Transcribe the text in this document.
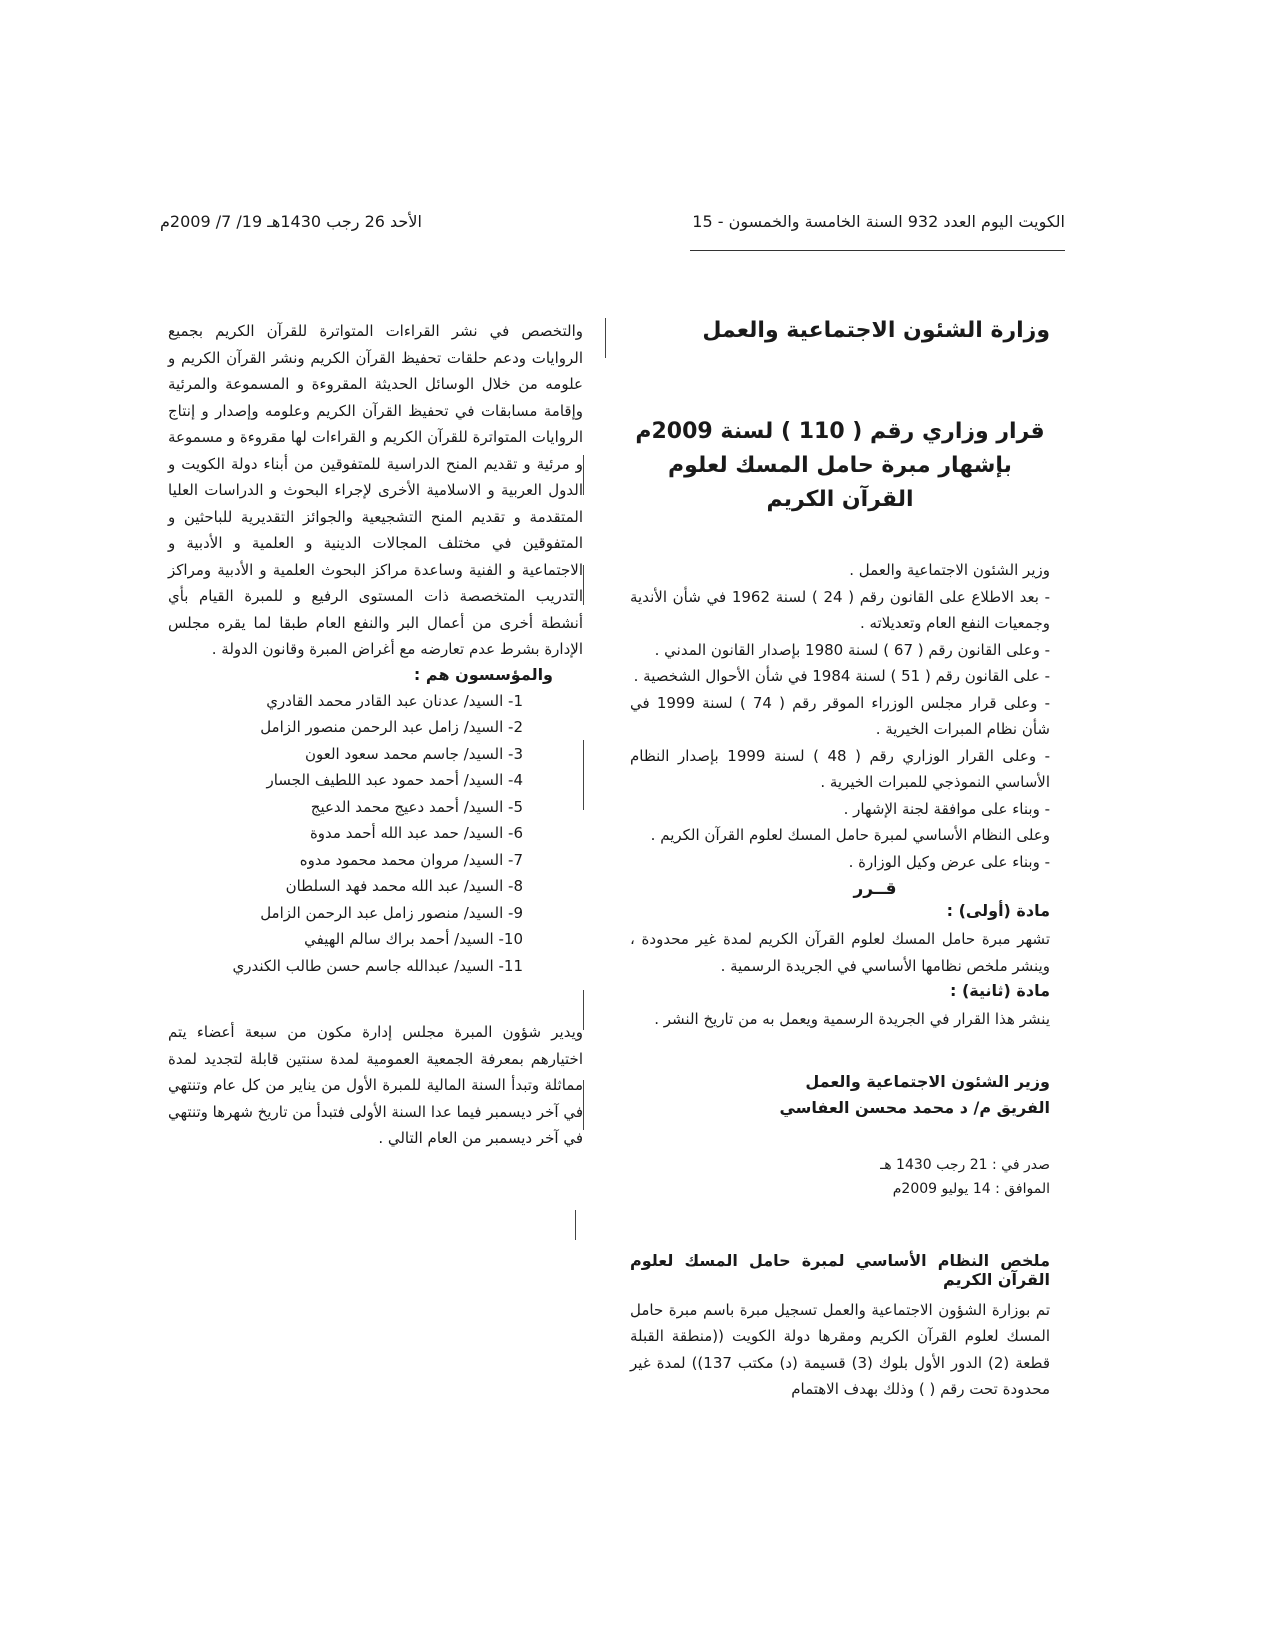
الكويت اليوم العدد 932 السنة الخامسة والخمسون - 15
الأحد 26 رجب 1430هـ 19/ 7/ 2009م
وزارة الشئون الاجتماعية والعمل
قرار وزاري رقم ( 110 ) لسنة 2009م
بإشهار مبرة حامل المسك لعلوم القرآن الكريم

وزير الشئون الاجتماعية والعمل .

- بعد الاطلاع على القانون رقم ( 24 ) لسنة 1962 في شأن الأندية وجمعيات النفع العام وتعديلاته .

- وعلى القانون رقم ( 67 ) لسنة 1980 بإصدار القانون المدني .

- على القانون رقم ( 51 ) لسنة 1984 في شأن الأحوال الشخصية .

- وعلى قرار مجلس الوزراء الموقر رقم ( 74 ) لسنة 1999 في شأن نظام المبرات الخيرية .

- وعلى القرار الوزاري رقم ( 48 ) لسنة 1999 بإصدار النظام الأساسي النموذجي للمبرات الخيرية .

- وبناء على موافقة لجنة الإشهار .

وعلى النظام الأساسي لمبرة حامل المسك لعلوم القرآن الكريم .

- وبناء على عرض وكيل الوزارة .

قــرر
مادة (أولى) :

تشهر مبرة حامل المسك لعلوم القرآن الكريم لمدة غير محدودة ، وينشر ملخص نظامها الأساسي في الجريدة الرسمية .

مادة (ثانية) :

ينشر هذا القرار في الجريدة الرسمية ويعمل به من تاريخ النشر .

وزير الشئون الاجتماعية والعمل
الفريق م/ د محمد محسن العفاسي
صدر في : 21 رجب 1430 هـ
الموافق : 14 يوليو 2009م
ملخص النظام الأساسي لمبرة حامل المسك لعلوم القرآن الكريم

تم بوزارة الشؤون الاجتماعية والعمل تسجيل مبرة باسم مبرة حامل المسك لعلوم القرآن الكريم ومقرها دولة الكويت ((منطقة القبلة قطعة (2) الدور الأول بلوك (3) قسيمة (د) مكتب 137)) لمدة غير محدودة تحت رقم ( ) وذلك بهدف الاهتمام

والتخصص في نشر القراءات المتواترة للقرآن الكريم بجميع الروايات ودعم حلقات تحفيظ القرآن الكريم ونشر القرآن الكريم و علومه من خلال الوسائل الحديثة المقروءة و المسموعة والمرئية وإقامة مسابقات في تحفيظ القرآن الكريم وعلومه وإصدار و إنتاج الروايات المتواترة للقرآن الكريم و القراءات لها مقروءة و مسموعة و مرئية و تقديم المنح الدراسية للمتفوقين من أبناء دولة الكويت و الدول العربية و الاسلامية الأخرى لإجراء البحوث و الدراسات العليا المتقدمة و تقديم المنح التشجيعية والجوائز التقديرية للباحثين و المتفوقين في مختلف المجالات الدينية و العلمية و الأدبية و الاجتماعية و الفنية وساعدة مراكز البحوث العلمية و الأدبية ومراكز التدريب المتخصصة ذات المستوى الرفيع و للمبرة القيام بأي أنشطة أخرى من أعمال البر والنفع العام طبقا لما يقره مجلس الإدارة بشرط عدم تعارضه مع أغراض المبرة وقانون الدولة .

والمؤسسون هم :
1- السيد/ عدنان عبد القادر محمد القادري
2- السيد/ زامل عبد الرحمن منصور الزامل
3- السيد/ جاسم محمد سعود العون
4- السيد/ أحمد حمود عبد اللطيف الجسار
5- السيد/ أحمد دعيج محمد الدعيج
6- السيد/ حمد عبد الله أحمد مدوة
7- السيد/ مروان محمد محمود مدوه
8- السيد/ عبد الله محمد فهد السلطان
9- السيد/ منصور زامل عبد الرحمن الزامل
10- السيد/ أحمد براك سالم الهيفي
11- السيد/ عبدالله جاسم حسن طالب الكندري

ويدير شؤون المبرة مجلس إدارة مكون من سبعة أعضاء يتم اختيارهم بمعرفة الجمعية العمومية لمدة سنتين قابلة لتجديد لمدة مماثلة وتبدأ السنة المالية للمبرة الأول من يناير من كل عام وتنتهي في آخر ديسمبر فيما عدا السنة الأولى فتبدأ من تاريخ شهرها وتنتهي في آخر ديسمبر من العام التالي .
